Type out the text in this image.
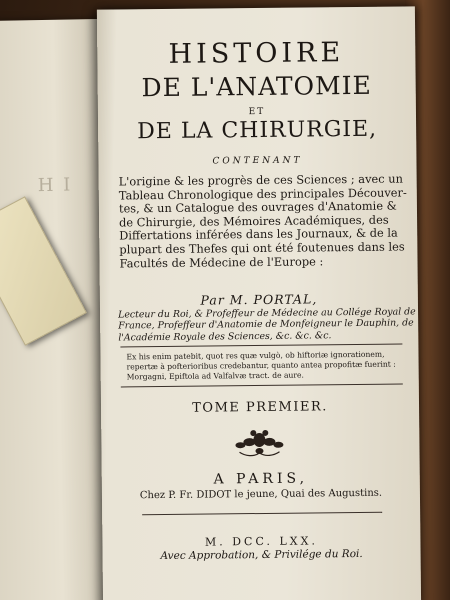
H I
HISTOIRE
DE L'ANATOMIE
ET
DE LA CHIRURGIE,
CONTENANT
L'origine & les progrès de ces Sciences ; avec un
Tableau Chronologique des principales Découver-
tes, & un Catalogue des ouvrages d'Anatomie &
de Chirurgie, des Mémoires Académiques, des
Differtations inférées dans les Journaux, & de la
plupart des Thefes qui ont été foutenues dans les
Facultés de Médecine de l'Europe :
Par M. PORTAL,
Lecteur du Roi, & Profeffeur de Médecine au Collége Royal de
France, Profeffeur d'Anatomie de Monfeigneur le Dauphin, de
l'Académie Royale des Sciences, &c. &c. &c.
Ex his enim patebit, quot res quæ vulgò, ob hiftoriæ ignorationem,
repertæ à pofterioribus credebantur, quanto antea propofitæ fuerint :
Morgagni, Epiftola ad Valfalvæ tract. de aure.
TOME PREMIER.
A PARIS,
Chez P. Fr. DIDOT le jeune, Quai des Augustins.
M. DCC. LXX.
Avec Approbation, & Privilége du Roi.
